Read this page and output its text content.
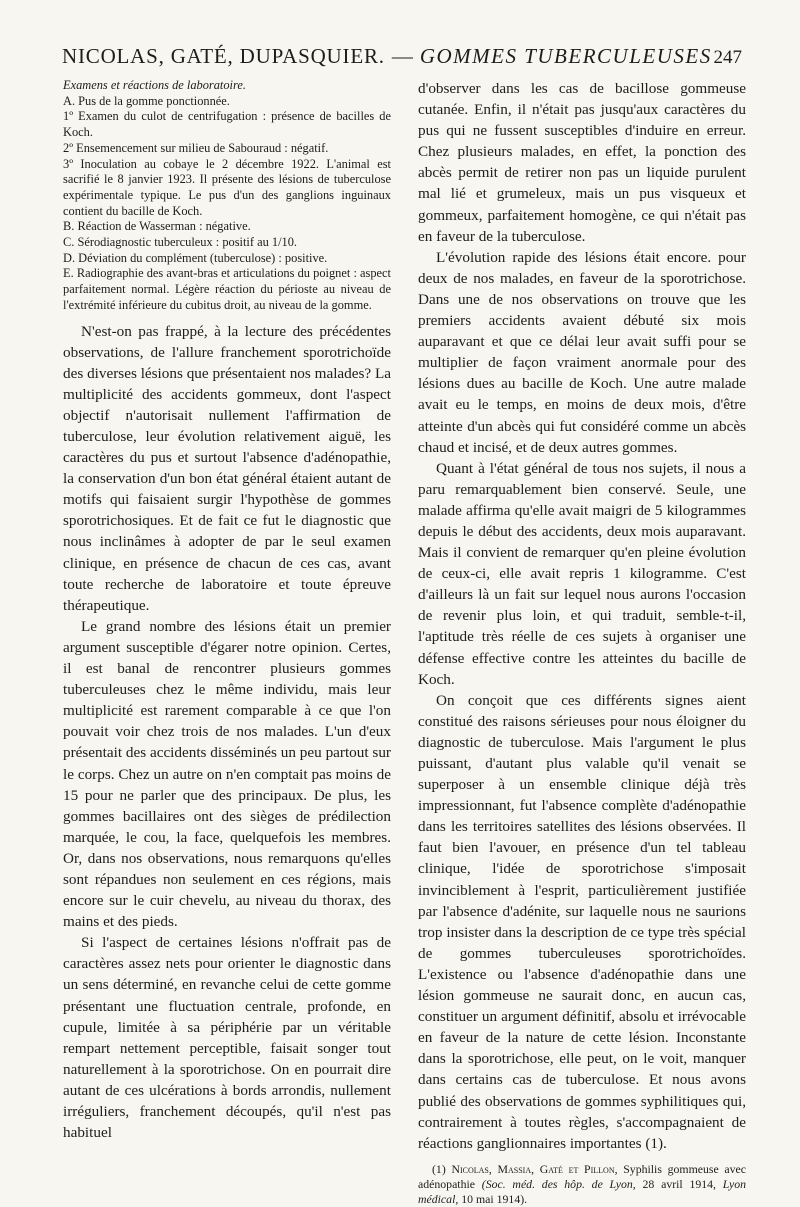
NICOLAS, GATÉ, DUPASQUIER. — GOMMES TUBERCULEUSES 247

Examens et réactions de laboratoire.

A. Pus de la gomme ponctionnée.

1º Examen du culot de centrifugation : présence de bacilles de Koch.

2º Ensemencement sur milieu de Sabouraud : négatif.

3º Inoculation au cobaye le 2 décembre 1922. L'animal est sacrifié le 8 janvier 1923. Il présente des lésions de tuberculose expérimentale typique. Le pus d'un des ganglions inguinaux contient du bacille de Koch.

B. Réaction de Wasserman : négative.

C. Sérodiagnostic tuberculeux : positif au 1/10.

D. Déviation du complément (tuberculose) : positive.

E. Radiographie des avant-bras et articulations du poignet : aspect parfaitement normal. Légère réaction du périoste au niveau de l'extrémité inférieure du cubitus droit, au niveau de la gomme.

N'est-on pas frappé, à la lecture des précédentes observations, de l'allure franchement sporotrichoïde des diverses lésions que présentaient nos malades? La multiplicité des accidents gommeux, dont l'aspect objectif n'autorisait nullement l'affirmation de tuberculose, leur évolution relativement aiguë, les caractères du pus et surtout l'absence d'adénopathie, la conservation d'un bon état général étaient autant de motifs qui faisaient surgir l'hypothèse de gommes sporotrichosiques. Et de fait ce fut le diagnostic que nous inclinâmes à adopter de par le seul examen clinique, en présence de chacun de ces cas, avant toute recherche de laboratoire et toute épreuve thérapeutique.

Le grand nombre des lésions était un premier argument susceptible d'égarer notre opinion. Certes, il est banal de rencontrer plusieurs gommes tuberculeuses chez le même individu, mais leur multiplicité est rarement comparable à ce que l'on pouvait voir chez trois de nos malades. L'un d'eux présentait des accidents disséminés un peu partout sur le corps. Chez un autre on n'en comptait pas moins de 15 pour ne parler que des principaux. De plus, les gommes bacillaires ont des sièges de prédilection marquée, le cou, la face, quelquefois les membres. Or, dans nos observations, nous remarquons qu'elles sont répandues non seulement en ces régions, mais encore sur le cuir chevelu, au niveau du thorax, des mains et des pieds.

Si l'aspect de certaines lésions n'offrait pas de caractères assez nets pour orienter le diagnostic dans un sens déterminé, en revanche celui de cette gomme présentant une fluctuation centrale, profonde, en cupule, limitée à sa périphérie par un véritable rempart nettement perceptible, faisait songer tout naturellement à la sporotrichose. On en pourrait dire autant de ces ulcérations à bords arrondis, nullement irréguliers, franchement découpés, qu'il n'est pas habituel

d'observer dans les cas de bacillose gommeuse cutanée. Enfin, il n'était pas jusqu'aux caractères du pus qui ne fussent susceptibles d'induire en erreur. Chez plusieurs malades, en effet, la ponction des abcès permit de retirer non pas un liquide purulent mal lié et grumeleux, mais un pus visqueux et gommeux, parfaitement homogène, ce qui n'était pas en faveur de la tuberculose.

L'évolution rapide des lésions était encore. pour deux de nos malades, en faveur de la sporotrichose. Dans une de nos observations on trouve que les premiers accidents avaient débuté six mois auparavant et que ce délai leur avait suffi pour se multiplier de façon vraiment anormale pour des lésions dues au bacille de Koch. Une autre malade avait eu le temps, en moins de deux mois, d'être atteinte d'un abcès qui fut considéré comme un abcès chaud et incisé, et de deux autres gommes.

Quant à l'état général de tous nos sujets, il nous a paru remarquablement bien conservé. Seule, une malade affirma qu'elle avait maigri de 5 kilogrammes depuis le début des accidents, deux mois auparavant. Mais il convient de remarquer qu'en pleine évolution de ceux-ci, elle avait repris 1 kilogramme. C'est d'ailleurs là un fait sur lequel nous aurons l'occasion de revenir plus loin, et qui traduit, semble-t-il, l'aptitude très réelle de ces sujets à organiser une défense effective contre les atteintes du bacille de Koch.

On conçoit que ces différents signes aient constitué des raisons sérieuses pour nous éloigner du diagnostic de tuberculose. Mais l'argument le plus puissant, d'autant plus valable qu'il venait se superposer à un ensemble clinique déjà très impressionnant, fut l'absence complète d'adénopathie dans les territoires satellites des lésions observées. Il faut bien l'avouer, en présence d'un tel tableau clinique, l'idée de sporotrichose s'imposait invinciblement à l'esprit, particulièrement justifiée par l'absence d'adénite, sur laquelle nous ne saurions trop insister dans la description de ce type très spécial de gommes tuberculeuses sporotrichoïdes. L'existence ou l'absence d'adénopathie dans une lésion gommeuse ne saurait donc, en aucun cas, constituer un argument définitif, absolu et irrévocable en faveur de la nature de cette lésion. Inconstante dans la sporotrichose, elle peut, on le voit, manquer dans certains cas de tuberculose. Et nous avons publié des observations de gommes syphilitiques qui, contrairement à toutes règles, s'accompagnaient de réactions ganglionnaires importantes (1).

(1) Nicolas, Massia, Gaté et Pillon, Syphilis gommeuse avec adénopathie (Soc. méd. des hôp. de Lyon, 28 avril 1914, Lyon médical, 10 mai 1914).
